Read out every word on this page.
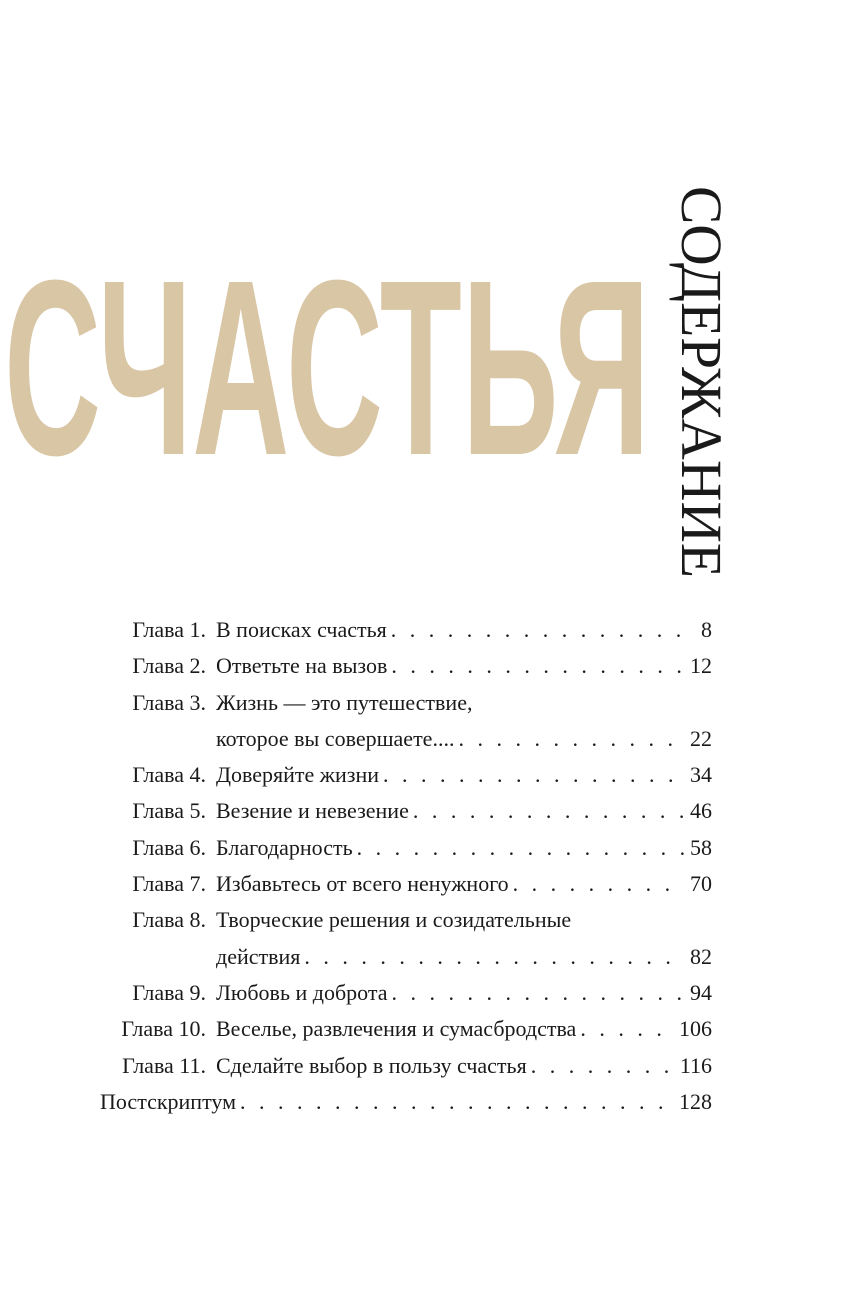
СЧАСТЬЯ СОДЕРЖАНИЕ
Глава 1. В поисках счастья . . .	8
Глава 2. Ответьте на вызов . . .	12
Глава 3. Жизнь — это путешествие,
которое вы совершаете.... . . .	22
Глава 4. Доверяйте жизни . . .	34
Глава 5. Везение и невезение . . .	46
Глава 6. Благодарность . . .	58
Глава 7. Избавьтесь от всего ненужного . . .	70
Глава 8. Творческие решения и созидательные
действия . . .	82
Глава 9. Любовь и доброта . . .	94
Глава 10. Веселье, развлечения и сумасбродства . . .	106
Глава 11. Сделайте выбор в пользу счастья . . .	116
Постскриптум . . .	128
